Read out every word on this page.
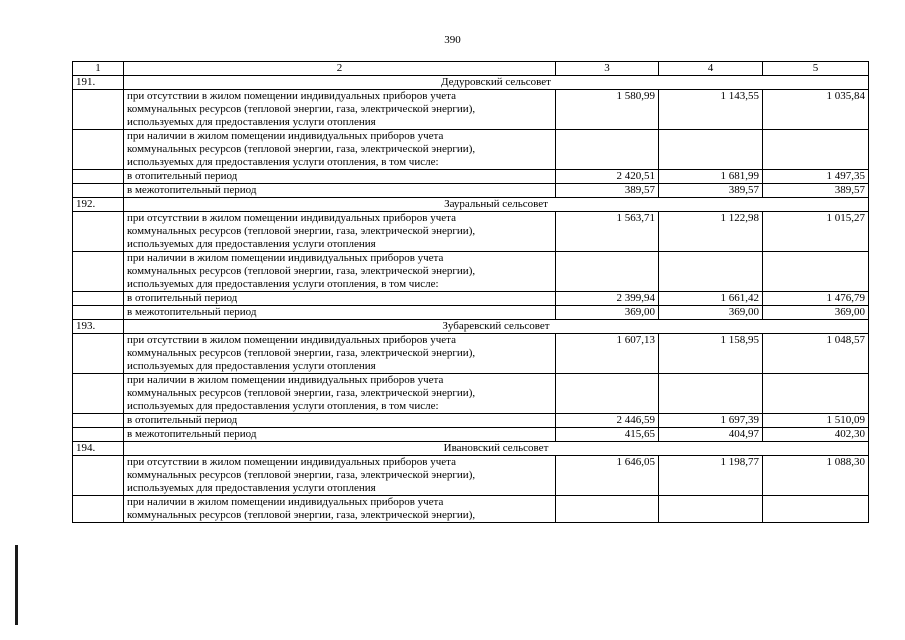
390
1	2	3	4	5
191.	Дедуровский сельсовет			

	при отсутствии в жилом помещении индивидуальных приборов учета
коммунальных ресурсов (тепловой энергии, газа, электрической энергии),
используемых для предоставления услуги отопления	1 580,99	1 143,55	1 035,84

	при наличии в жилом помещении индивидуальных приборов учета
коммунальных ресурсов (тепловой энергии, газа, электрической энергии),
используемых для предоставления услуги отопления, в том числе:			

	в отопительный период	2 420,51	1 681,99	1 497,35

	в межотопительный период	389,57	389,57	389,57
192.	Зауральный сельсовет			

	при отсутствии в жилом помещении индивидуальных приборов учета
коммунальных ресурсов (тепловой энергии, газа, электрической энергии),
используемых для предоставления услуги отопления	1 563,71	1 122,98	1 015,27

	при наличии в жилом помещении индивидуальных приборов учета
коммунальных ресурсов (тепловой энергии, газа, электрической энергии),
используемых для предоставления услуги отопления, в том числе:			

	в отопительный период	2 399,94	1 661,42	1 476,79

	в межотопительный период	369,00	369,00	369,00
193.	Зубаревский сельсовет			

	при отсутствии в жилом помещении индивидуальных приборов учета
коммунальных ресурсов (тепловой энергии, газа, электрической энергии),
используемых для предоставления услуги отопления	1 607,13	1 158,95	1 048,57

	при наличии в жилом помещении индивидуальных приборов учета
коммунальных ресурсов (тепловой энергии, газа, электрической энергии),
используемых для предоставления услуги отопления, в том числе:			

	в отопительный период	2 446,59	1 697,39	1 510,09

	в межотопительный период	415,65	404,97	402,30
194.	Ивановский сельсовет			

	при отсутствии в жилом помещении индивидуальных приборов учета
коммунальных ресурсов (тепловой энергии, газа, электрической энергии),
используемых для предоставления услуги отопления	1 646,05	1 198,77	1 088,30

	при наличии в жилом помещении индивидуальных приборов учета
коммунальных ресурсов (тепловой энергии, газа, электрической энергии),			
